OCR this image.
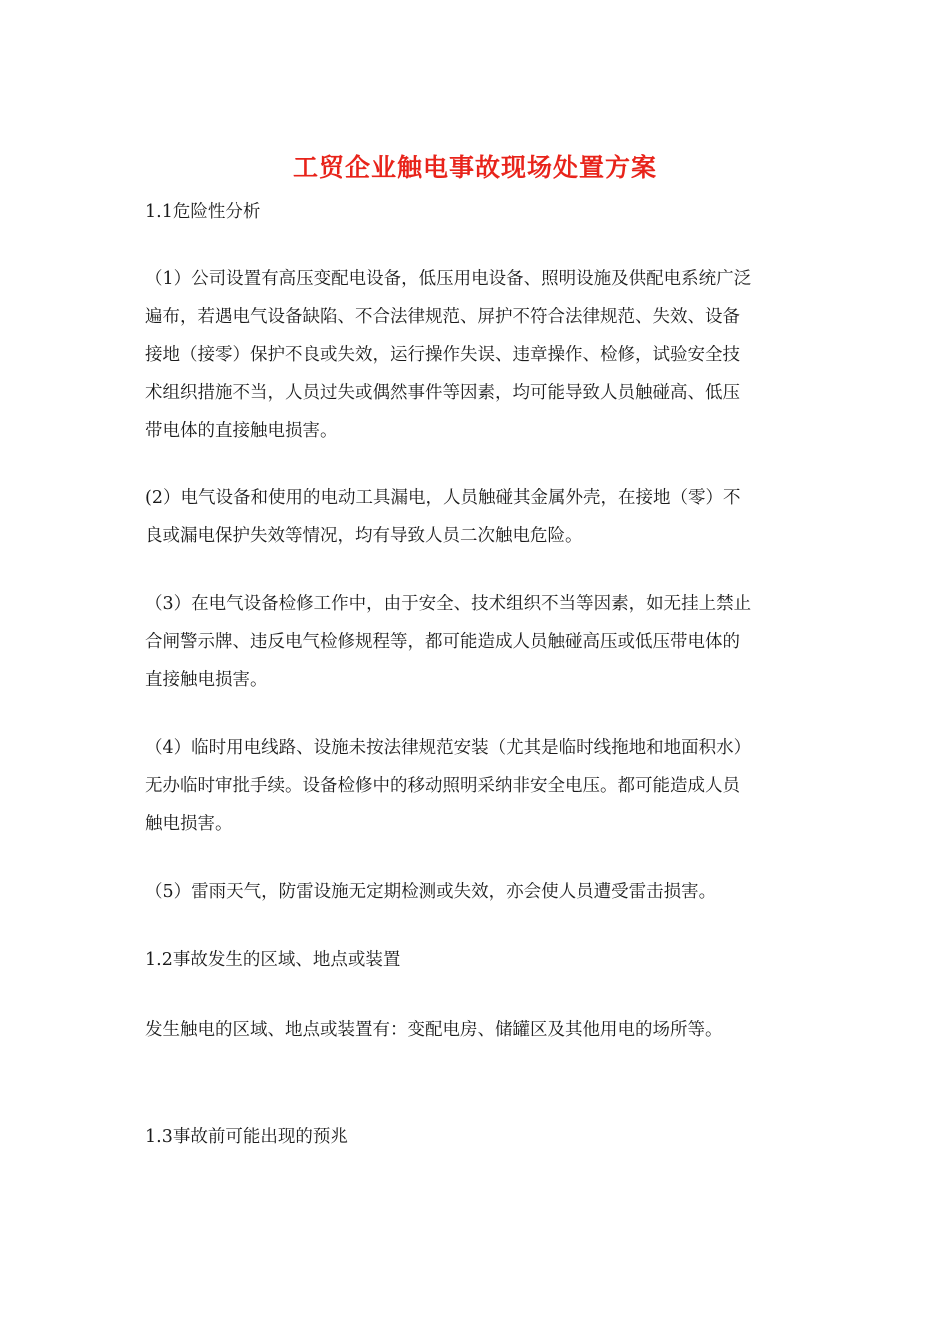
工贸企业触电事故现场处置方案
1.1危险性分析
（1）公司设置有高压变配电设备，低压用电设备、照明设施及供配电系统广泛
遍布，若遇电气设备缺陷、不合法律规范、屏护不符合法律规范、失效、设备
接地（接零）保护不良或失效，运行操作失误、违章操作、检修，试验安全技
术组织措施不当，人员过失或偶然事件等因素，均可能导致人员触碰高、低压
带电体的直接触电损害。
(2）电气设备和使用的电动工具漏电，人员触碰其金属外壳，在接地（零）不
良或漏电保护失效等情况，均有导致人员二次触电危险。
（3）在电气设备检修工作中，由于安全、技术组织不当等因素，如无挂上禁止
合闸警示牌、违反电气检修规程等，都可能造成人员触碰高压或低压带电体的
直接触电损害。
（4）临时用电线路、设施未按法律规范安装（尤其是临时线拖地和地面积水）
无办临时审批手续。设备检修中的移动照明采纳非安全电压。都可能造成人员
触电损害。
（5）雷雨天气，防雷设施无定期检测或失效，亦会使人员遭受雷击损害。
1.2事故发生的区域、地点或装置
发生触电的区域、地点或装置有：变配电房、储罐区及其他用电的场所等。
1.3事故前可能出现的预兆
